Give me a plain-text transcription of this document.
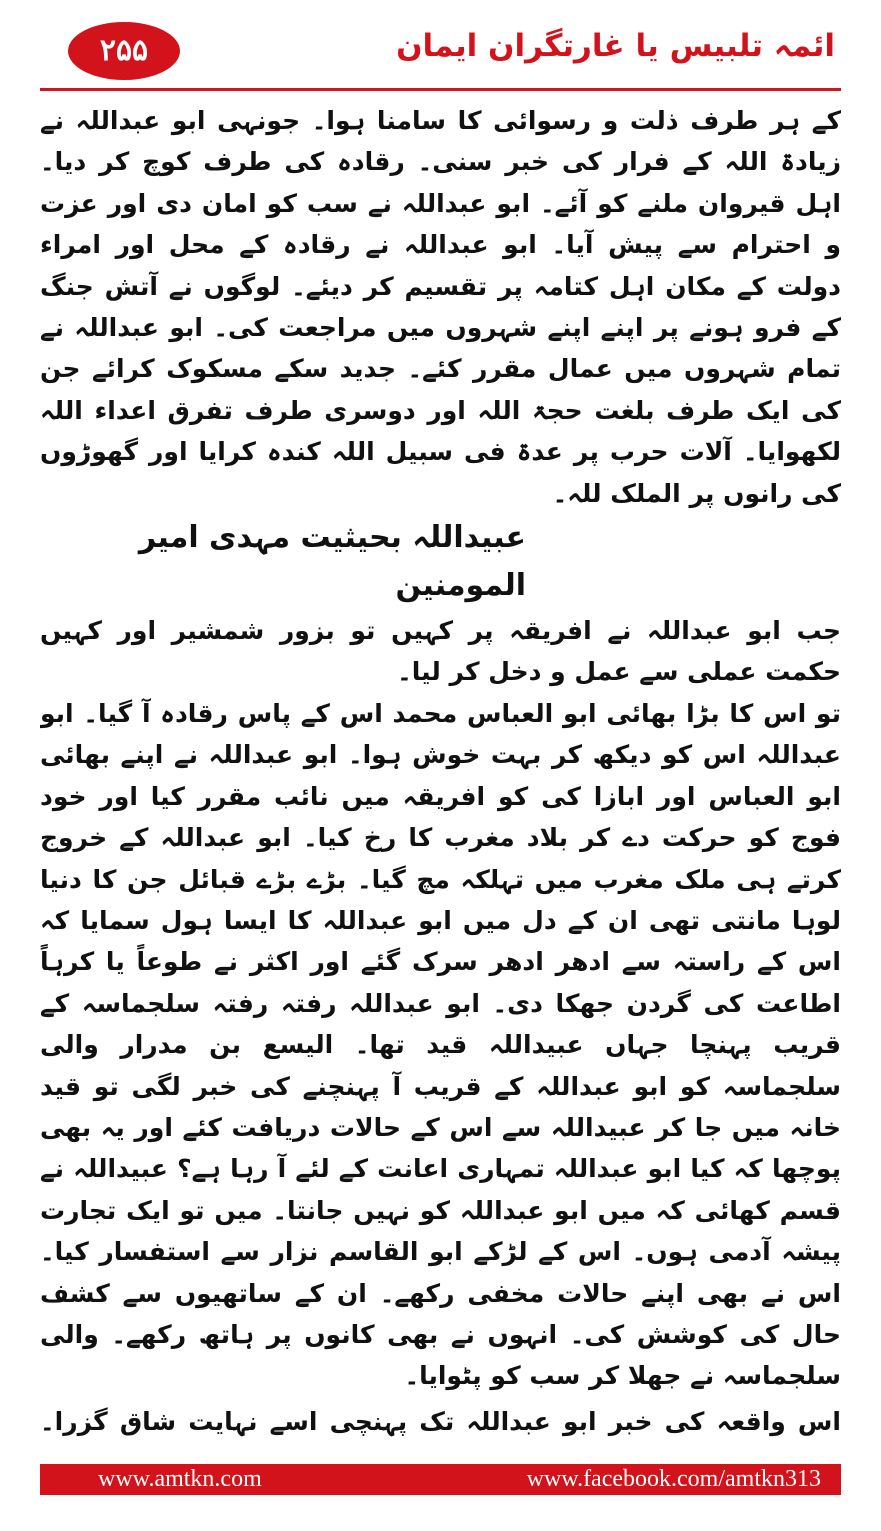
۲۵۵	ائمہ تلبیس یا غارتگران ایمان

کے ہر طرف ذلت و رسوائی کا سامنا ہوا۔ جونہی ابو عبداللہ نے زیادۃ اللہ کے فرار کی خبر سنی۔ رقادہ کی طرف کوچ کر دیا۔ اہل قیروان ملنے کو آئے۔ ابو عبداللہ نے سب کو امان دی اور عزت و احترام سے پیش آیا۔ ابو عبداللہ نے رقادہ کے محل اور امراء دولت کے مکان اہل کتامہ پر تقسیم کر دیئے۔ لوگوں نے آتش جنگ کے فرو ہونے پر اپنے اپنے شہروں میں مراجعت کی۔ ابو عبداللہ نے تمام شہروں میں عمال مقرر کئے۔ جدید سکے مسکوک کرائے جن کی ایک طرف بلغت حجۃ اللہ اور دوسری طرف تفرق اعداء اللہ لکھوایا۔ آلات حرب پر عدۃ فی سبیل اللہ کندہ کرایا اور گھوڑوں کی رانوں پر الملک للہ۔

عبیداللہ بحیثیت مہدی امیر المومنین

جب ابو عبداللہ نے افریقہ پر کہیں تو بزور شمشیر اور کہیں حکمت عملی سے عمل و دخل کر لیا۔

تو اس کا بڑا بھائی ابو العباس محمد اس کے پاس رقادہ آ گیا۔ ابو عبداللہ اس کو دیکھ کر بہت خوش ہوا۔ ابو عبداللہ نے اپنے بھائی ابو العباس اور ابازا کی کو افریقہ میں نائب مقرر کیا اور خود فوج کو حرکت دے کر بلاد مغرب کا رخ کیا۔ ابو عبداللہ کے خروج کرتے ہی ملک مغرب میں تہلکہ مچ گیا۔ بڑے بڑے قبائل جن کا دنیا لوہا مانتی تھی ان کے دل میں ابو عبداللہ کا ایسا ہول سمایا کہ اس کے راستہ سے ادھر ادھر سرک گئے اور اکثر نے طوعاً یا کرہاً اطاعت کی گردن جھکا دی۔ ابو عبداللہ رفتہ رفتہ سلجماسہ کے قریب پہنچا جہاں عبیداللہ قید تھا۔ الیسع بن مدرار والی سلجماسہ کو ابو عبداللہ کے قریب آ پہنچنے کی خبر لگی تو قید خانہ میں جا کر عبیداللہ سے اس کے حالات دریافت کئے اور یہ بھی پوچھا کہ کیا ابو عبداللہ تمہاری اعانت کے لئے آ رہا ہے؟ عبیداللہ نے قسم کھائی کہ میں ابو عبداللہ کو نہیں جانتا۔ میں تو ایک تجارت پیشہ آدمی ہوں۔ اس کے لڑکے ابو القاسم نزار سے استفسار کیا۔ اس نے بھی اپنے حالات مخفی رکھے۔ ان کے ساتھیوں سے کشف حال کی کوشش کی۔ انہوں نے بھی کانوں پر ہاتھ رکھے۔ والی سلجماسہ نے جھلا کر سب کو پٹوایا۔

اس واقعہ کی خبر ابو عبداللہ تک پہنچی اسے نہایت شاق گزرا۔

www.amtkn.com	www.facebook.com/amtkn313
